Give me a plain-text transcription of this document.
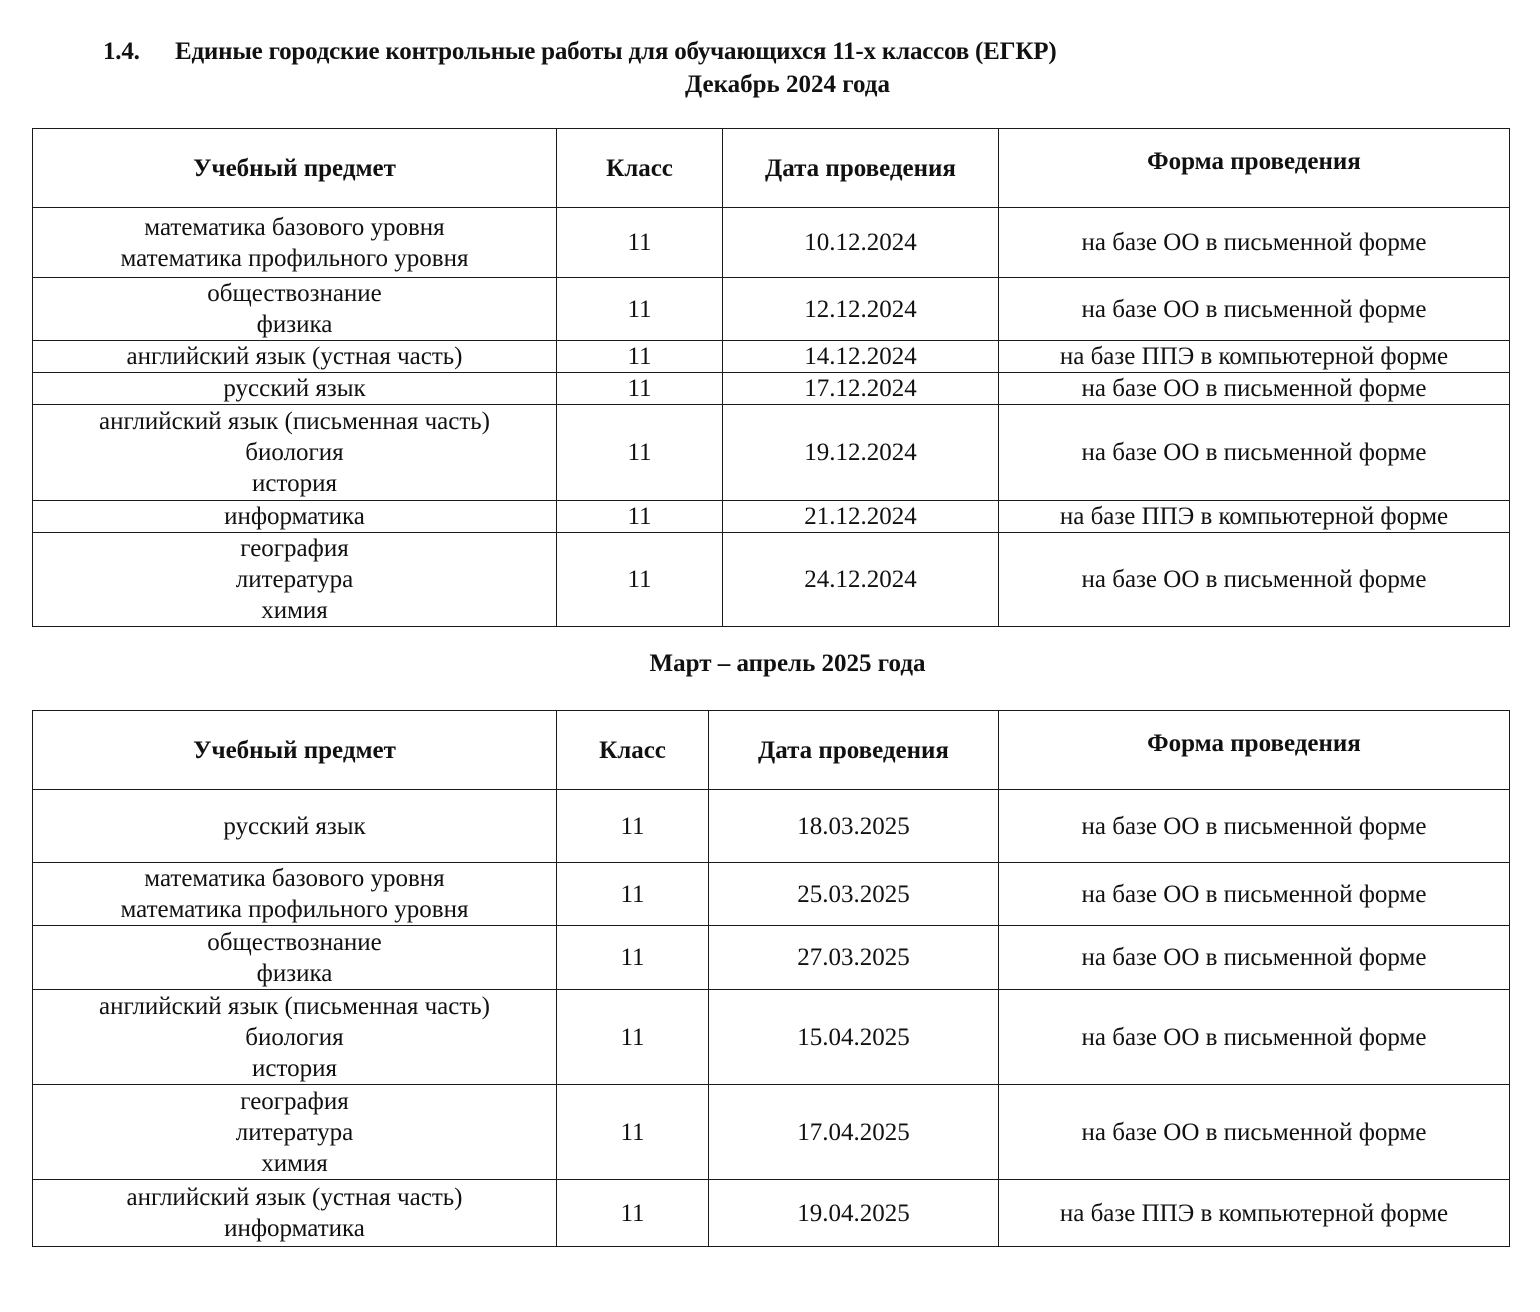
1.4. Единые городские контрольные работы для обучающихся 11-х классов (ЕГКР)
Декабрь 2024 года
Учебный предмет	Класс	Дата проведения	Форма проведения

математика базового уровня
математика профильного уровня	11	10.12.2024	на базе ОО в письменной форме

обществознание
физика	11	12.12.2024	на базе ОО в письменной форме

английский язык (устная часть)	11	14.12.2024	на базе ППЭ в компьютерной форме

русский язык	11	17.12.2024	на базе ОО в письменной форме

английский язык (письменная часть)
биология
история	11	19.12.2024	на базе ОО в письменной форме

информатика	11	21.12.2024	на базе ППЭ в компьютерной форме

география
литература
химия	11	24.12.2024	на базе ОО в письменной форме
Март – апрель 2025 года
Учебный предмет	Класс	Дата проведения	Форма проведения

русский язык	11	18.03.2025	на базе ОО в письменной форме

математика базового уровня
математика профильного уровня	11	25.03.2025	на базе ОО в письменной форме

обществознание
физика	11	27.03.2025	на базе ОО в письменной форме

английский язык (письменная часть)
биология
история	11	15.04.2025	на базе ОО в письменной форме

география
литература
химия	11	17.04.2025	на базе ОО в письменной форме

английский язык (устная часть)
информатика	11	19.04.2025	на базе ППЭ в компьютерной форме
